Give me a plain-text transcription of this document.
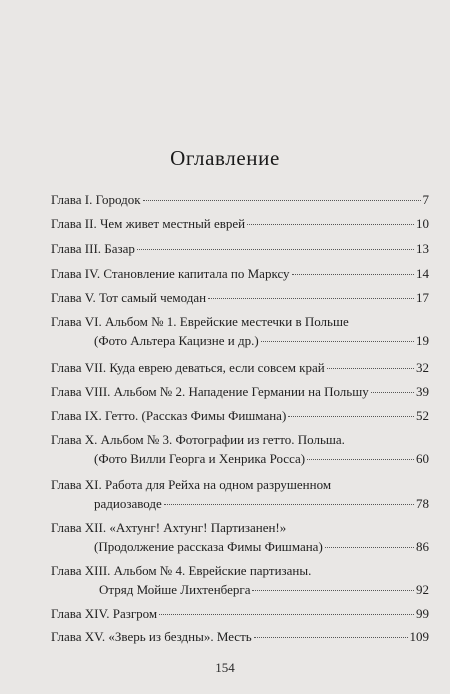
Оглавление
Глава I. Городок	7
Глава II. Чем живет местный еврей	10
Глава III. Базар	13
Глава IV. Становление капитала по Марксу	14
Глава V. Тот самый чемодан	17
Глава VI. Альбом № 1. Еврейские местечки в Польше
(Фото Альтера Кацизне и др.)	19
Глава VII. Куда еврею деваться, если совсем край	32
Глава VIII. Альбом № 2. Нападение Германии на Польшу	39
Глава IX. Гетто. (Рассказ Фимы Фишмана)	52
Глава X. Альбом № 3. Фотографии из гетто. Польша.
(Фото Вилли Георга и Хенрика Росса)	60
Глава XI. Работа для Рейха на одном разрушенном
радиозаводе	78
Глава XII. «Ахтунг! Ахтунг! Партизанен!»
(Продолжение рассказа Фимы Фишмана)	86
Глава XIII. Альбом № 4. Еврейские партизаны.
Отряд Мойше Лихтенберга	92
Глава XIV. Разгром	99
Глава XV. «Зверь из бездны». Месть	109
154
